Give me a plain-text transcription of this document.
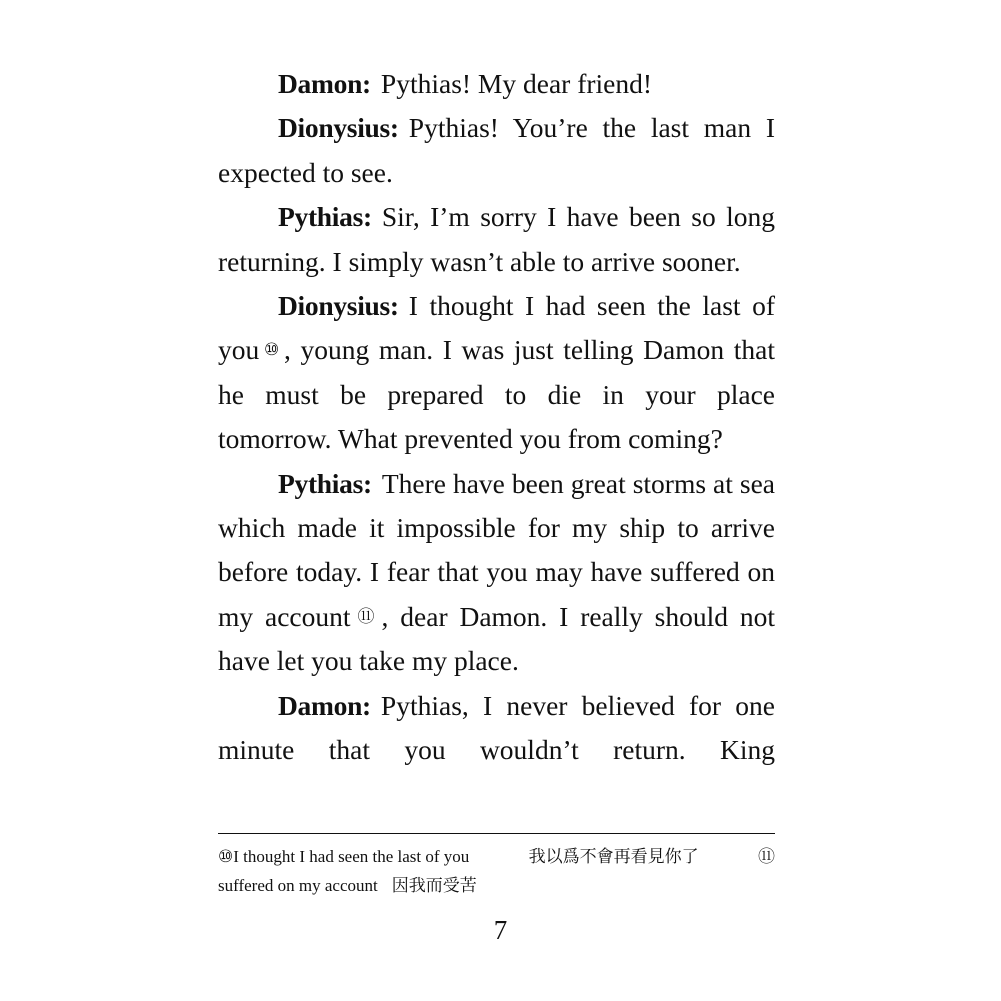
Damon: Pythias! My dear friend!

Dionysius: Pythias! You’re the last man I expected to see.

Pythias: Sir, I’m sorry I have been so long returning. I simply wasn’t able to arrive sooner.

Dionysius: I thought I had seen the last of you ⑩, young man. I was just telling Damon that he must be prepared to die in your place tomorrow. What prevented you from coming?

Pythias: There have been great storms at sea which made it impossible for my ship to arrive before today. I fear that you may have suffered on my account ⑪, dear Damon. I really should not have let you take my place.

Damon: Pythias, I never believed for one minute that you wouldn’t return. King

⑩I thought I had seen the last of you	我以爲不會再看見你了	⑪
suffered on my account 因我而受苦
7
